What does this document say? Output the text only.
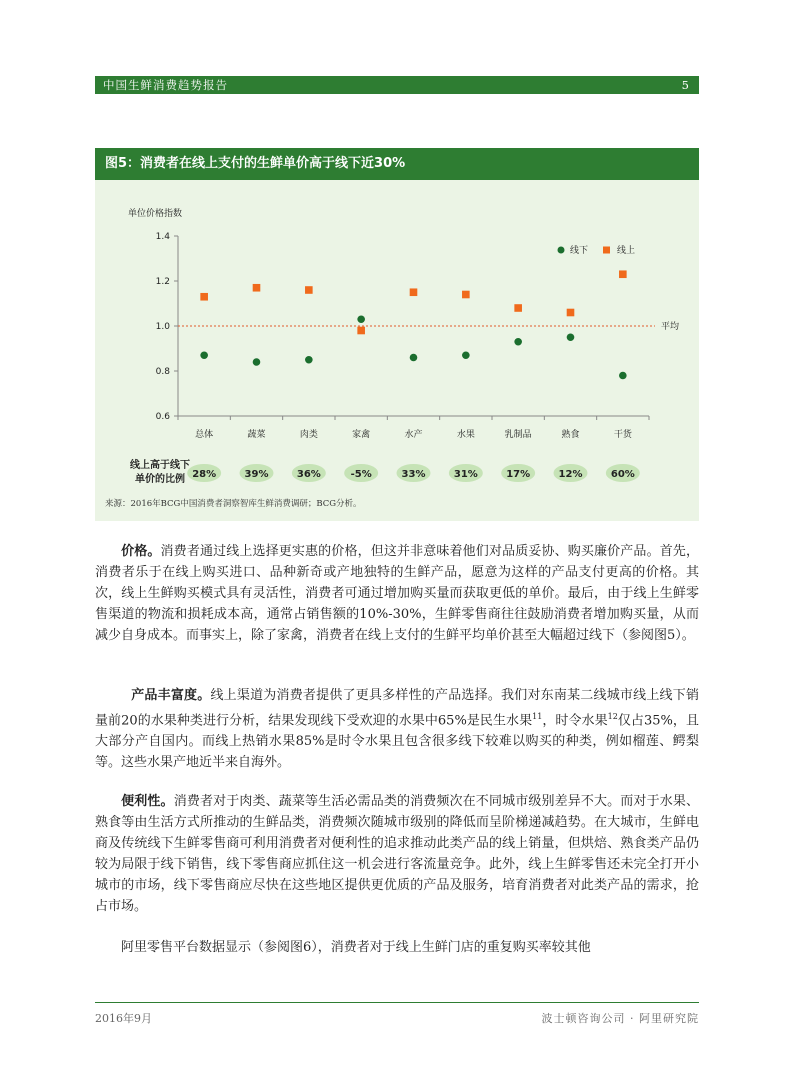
中国生鲜消费趋势报告	5
图5：消费者在线上支付的生鲜单价高于线下近30%
单位价格指数
1.4
1.2
1.0
0.8
0.6
总体	蔬菜	肉类	家禽	水产	水果	乳制品	熟食	干货
平均
线下	线上
线上高于线下
单价的比例 28%	39%	36%	-5%	33%	31%	17%	12%	60%
来源：2016年BCG中国消费者洞察智库生鲜消费调研；BCG分析。

价格。消费者通过线上选择更实惠的价格，但这并非意味着他们对品质妥协、购买廉价产品。首先，消费者乐于在线上购买进口、品种新奇或产地独特的生鲜产品，愿意为这样的产品支付更高的价格。其次，线上生鲜购买模式具有灵活性，消费者可通过增加购买量而获取更低的单价。最后，由于线上生鲜零售渠道的物流和损耗成本高，通常占销售额的10%-30%，生鲜零售商往往鼓励消费者增加购买量，从而减少自身成本。而事实上，除了家禽，消费者在线上支付的生鲜平均单价甚至大幅超过线下（参阅图5）。

产品丰富度。线上渠道为消费者提供了更具多样性的产品选择。我们对东南某二线城市线上线下销量前20的水果种类进行分析，结果发现线下受欢迎的水果中65%是民生水果$^{11}$，时令水果$^{12}$仅占35%，且大部分产自国内。而线上热销水果85%是时令水果且包含很多线下较难以购买的种类，例如榴莲、鳄梨等。这些水果产地近半来自海外。

便利性。消费者对于肉类、蔬菜等生活必需品类的消费频次在不同城市级别差异不大。而对于水果、熟食等由生活方式所推动的生鲜品类，消费频次随城市级别的降低而呈阶梯递减趋势。在大城市，生鲜电商及传统线下生鲜零售商可利用消费者对便利性的追求推动此类产品的线上销量，但烘焙、熟食类产品仍较为局限于线下销售，线下零售商应抓住这一机会进行客流量竞争。此外，线上生鲜零售还未完全打开小城市的市场，线下零售商应尽快在这些地区提供更优质的产品及服务，培育消费者对此类产品的需求，抢占市场。

阿里零售平台数据显示（参阅图6），消费者对于线上生鲜门店的重复购买率较其他

2016年9月	波士顿咨询公司 · 阿里研究院
